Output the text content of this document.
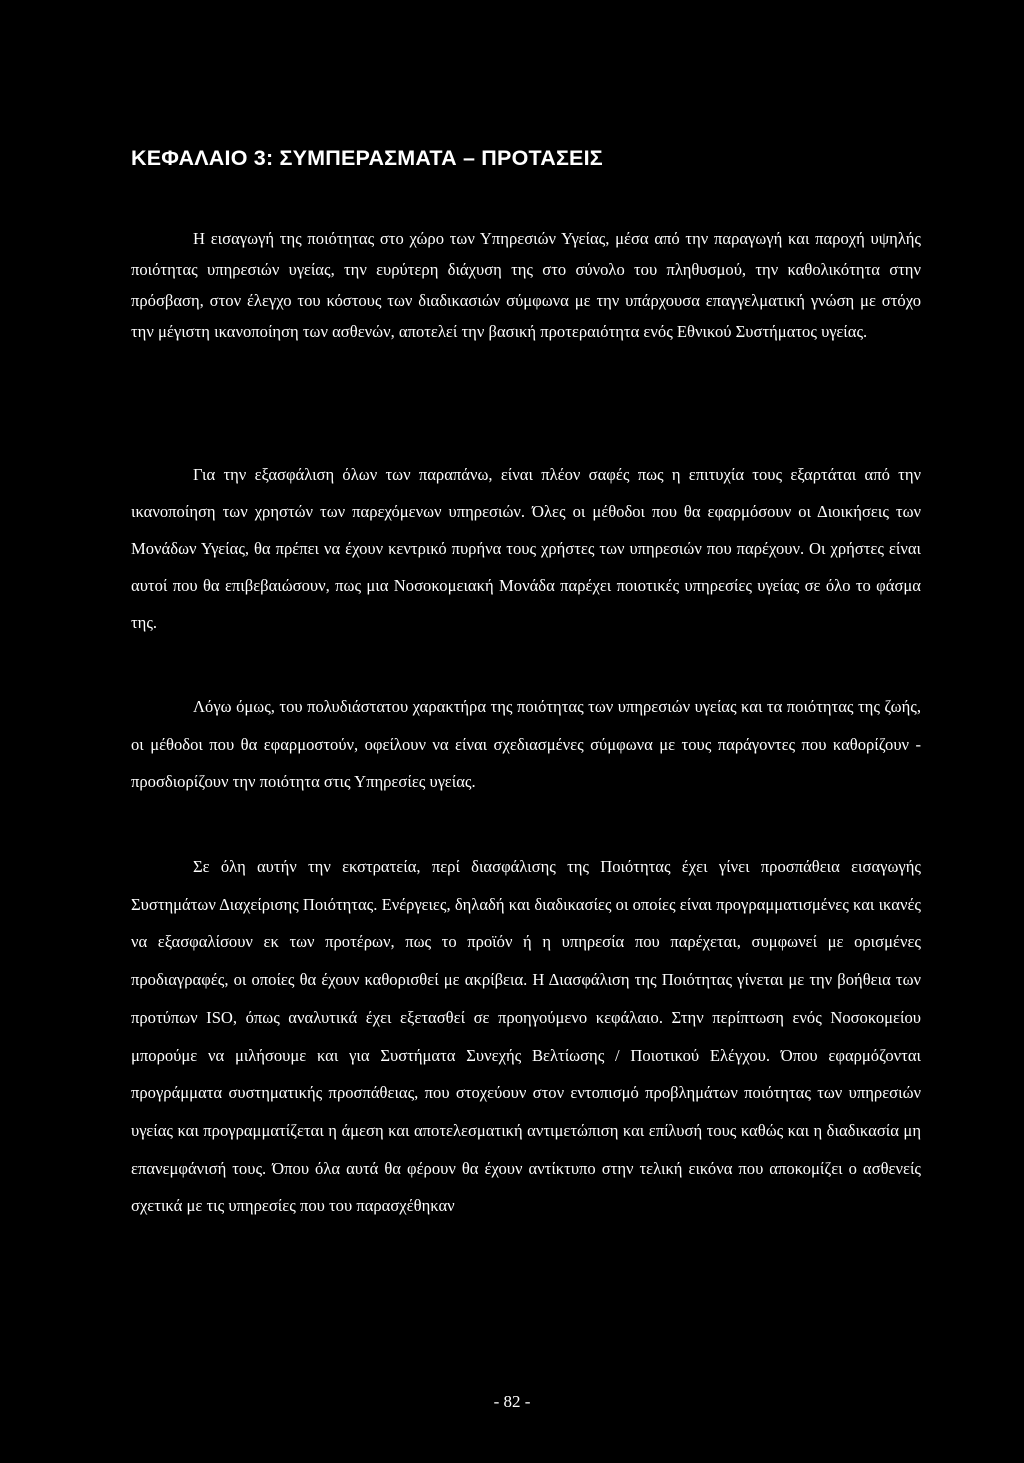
ΚΕΦΑΛΑΙΟ 3: ΣΥΜΠΕΡΑΣΜΑΤΑ – ΠΡΟΤΑΣΕΙΣ

Η εισαγωγή της ποιότητας στο χώρο των Υπηρεσιών Υγείας, μέσα από την παραγωγή και παροχή υψηλής ποιότητας υπηρεσιών υγείας, την ευρύτερη διάχυση της στο σύνολο του πληθυσμού, την καθολικότητα στην πρόσβαση, στον έλεγχο του κόστους των διαδικασιών σύμφωνα με την υπάρχουσα επαγγελματική γνώση με στόχο την μέγιστη ικανοποίηση των ασθενών, αποτελεί την βασική προτεραιότητα ενός Εθνικού Συστήματος υγείας.

Για την εξασφάλιση όλων των παραπάνω, είναι πλέον σαφές πως η επιτυχία τους εξαρτάται από την ικανοποίηση των χρηστών των παρεχόμενων υπηρεσιών. Όλες οι μέθοδοι που θα εφαρμόσουν οι Διοικήσεις των Μονάδων Υγείας, θα πρέπει να έχουν κεντρικό πυρήνα τους χρήστες των υπηρεσιών που παρέχουν. Οι χρήστες είναι αυτοί που θα επιβεβαιώσουν, πως μια Νοσοκομειακή Μονάδα παρέχει ποιοτικές υπηρεσίες υγείας σε όλο το φάσμα της.

Λόγω όμως, του πολυδιάστατου χαρακτήρα της ποιότητας των υπηρεσιών υγείας και τα ποιότητας της ζωής, οι μέθοδοι που θα εφαρμοστούν, οφείλουν να είναι σχεδιασμένες σύμφωνα με τους παράγοντες που καθορίζουν - προσδιορίζουν την ποιότητα στις Υπηρεσίες υγείας.

Σε όλη αυτήν την εκστρατεία, περί διασφάλισης της Ποιότητας έχει γίνει προσπάθεια εισαγωγής Συστημάτων Διαχείρισης Ποιότητας. Ενέργειες, δηλαδή και διαδικασίες οι οποίες είναι προγραμματισμένες και ικανές να εξασφαλίσουν εκ των προτέρων, πως το προϊόν ή η υπηρεσία που παρέχεται, συμφωνεί με ορισμένες προδιαγραφές, οι οποίες θα έχουν καθορισθεί με ακρίβεια. Η Διασφάλιση της Ποιότητας γίνεται με την βοήθεια των προτύπων ISO, όπως αναλυτικά έχει εξετασθεί σε προηγούμενο κεφάλαιο. Στην περίπτωση ενός Νοσοκομείου μπορούμε να μιλήσουμε και για Συστήματα Συνεχής Βελτίωσης / Ποιοτικού Ελέγχου. Όπου εφαρμόζονται προγράμματα συστηματικής προσπάθειας, που στοχεύουν στον εντοπισμό προβλημάτων ποιότητας των υπηρεσιών υγείας και προγραμματίζεται η άμεση και αποτελεσματική αντιμετώπιση και επίλυσή τους καθώς και η διαδικασία μη επανεμφάνισή τους. Όπου όλα αυτά θα φέρουν θα έχουν αντίκτυπο στην τελική εικόνα που αποκομίζει ο ασθενείς σχετικά με τις υπηρεσίες που του παρασχέθηκαν

- 82 -
